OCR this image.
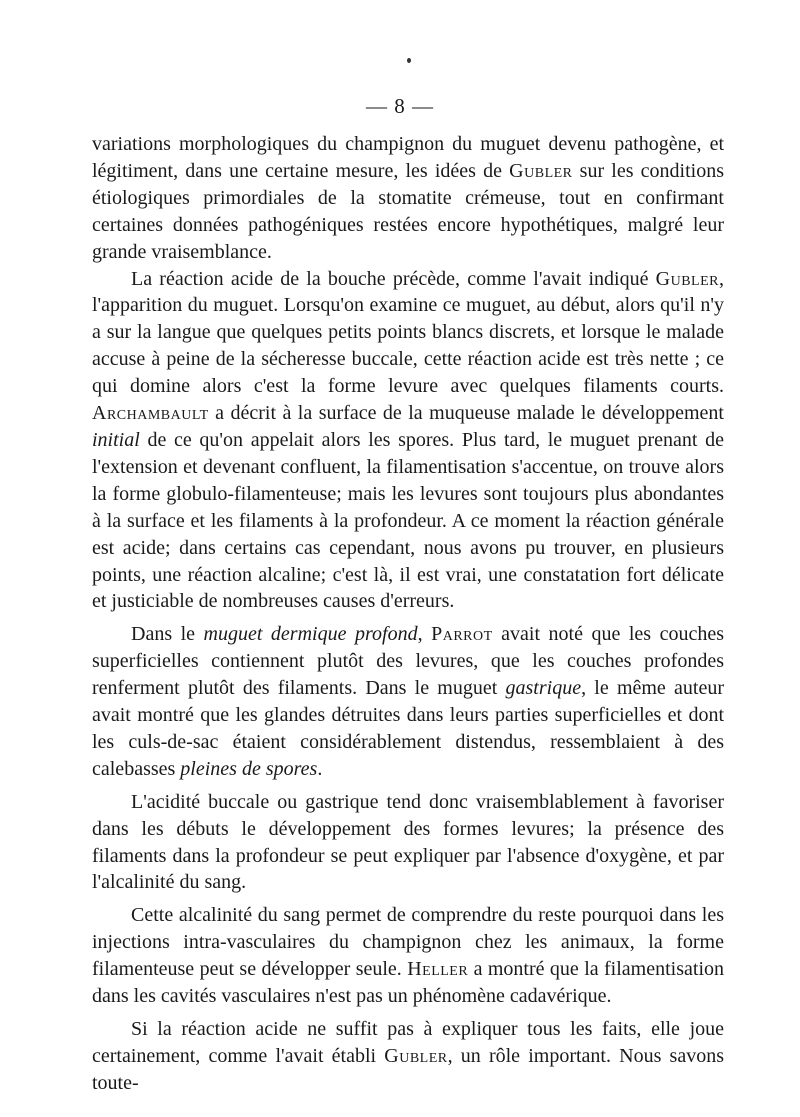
— 8 —

variations morphologiques du champignon du muguet devenu pathogène, et légitiment, dans une certaine mesure, les idées de Gubler sur les conditions étiologiques primordiales de la stomatite crémeuse, tout en confirmant certaines données pathogéniques restées encore hypothétiques, malgré leur grande vraisemblance.

La réaction acide de la bouche précède, comme l'avait indiqué Gubler, l'apparition du muguet. Lorsqu'on examine ce muguet, au début, alors qu'il n'y a sur la langue que quelques petits points blancs discrets, et lorsque le malade accuse à peine de la sécheresse buccale, cette réaction acide est très nette ; ce qui domine alors c'est la forme levure avec quelques filaments courts. Archambault a décrit à la surface de la muqueuse malade le développement initial de ce qu'on appelait alors les spores. Plus tard, le muguet prenant de l'extension et devenant confluent, la filamentisation s'accentue, on trouve alors la forme globulo-filamenteuse; mais les levures sont toujours plus abondantes à la surface et les filaments à la profondeur. A ce moment la réaction générale est acide; dans certains cas cependant, nous avons pu trouver, en plusieurs points, une réaction alcaline; c'est là, il est vrai, une constatation fort délicate et justiciable de nombreuses causes d'erreurs.

Dans le muguet dermique profond, Parrot avait noté que les couches superficielles contiennent plutôt des levures, que les couches profondes renferment plutôt des filaments. Dans le muguet gastrique, le même auteur avait montré que les glandes détruites dans leurs parties superficielles et dont les culs-de-sac étaient considérablement distendus, ressemblaient à des calebasses pleines de spores.

L'acidité buccale ou gastrique tend donc vraisemblablement à favoriser dans les débuts le développement des formes levures; la présence des filaments dans la profondeur se peut expliquer par l'absence d'oxygène, et par l'alcalinité du sang.

Cette alcalinité du sang permet de comprendre du reste pourquoi dans les injections intra-vasculaires du champignon chez les animaux, la forme filamenteuse peut se développer seule. Heller a montré que la filamentisation dans les cavités vasculaires n'est pas un phénomène cadavérique.

Si la réaction acide ne suffit pas à expliquer tous les faits, elle joue certainement, comme l'avait établi Gubler, un rôle important. Nous savons toute-
